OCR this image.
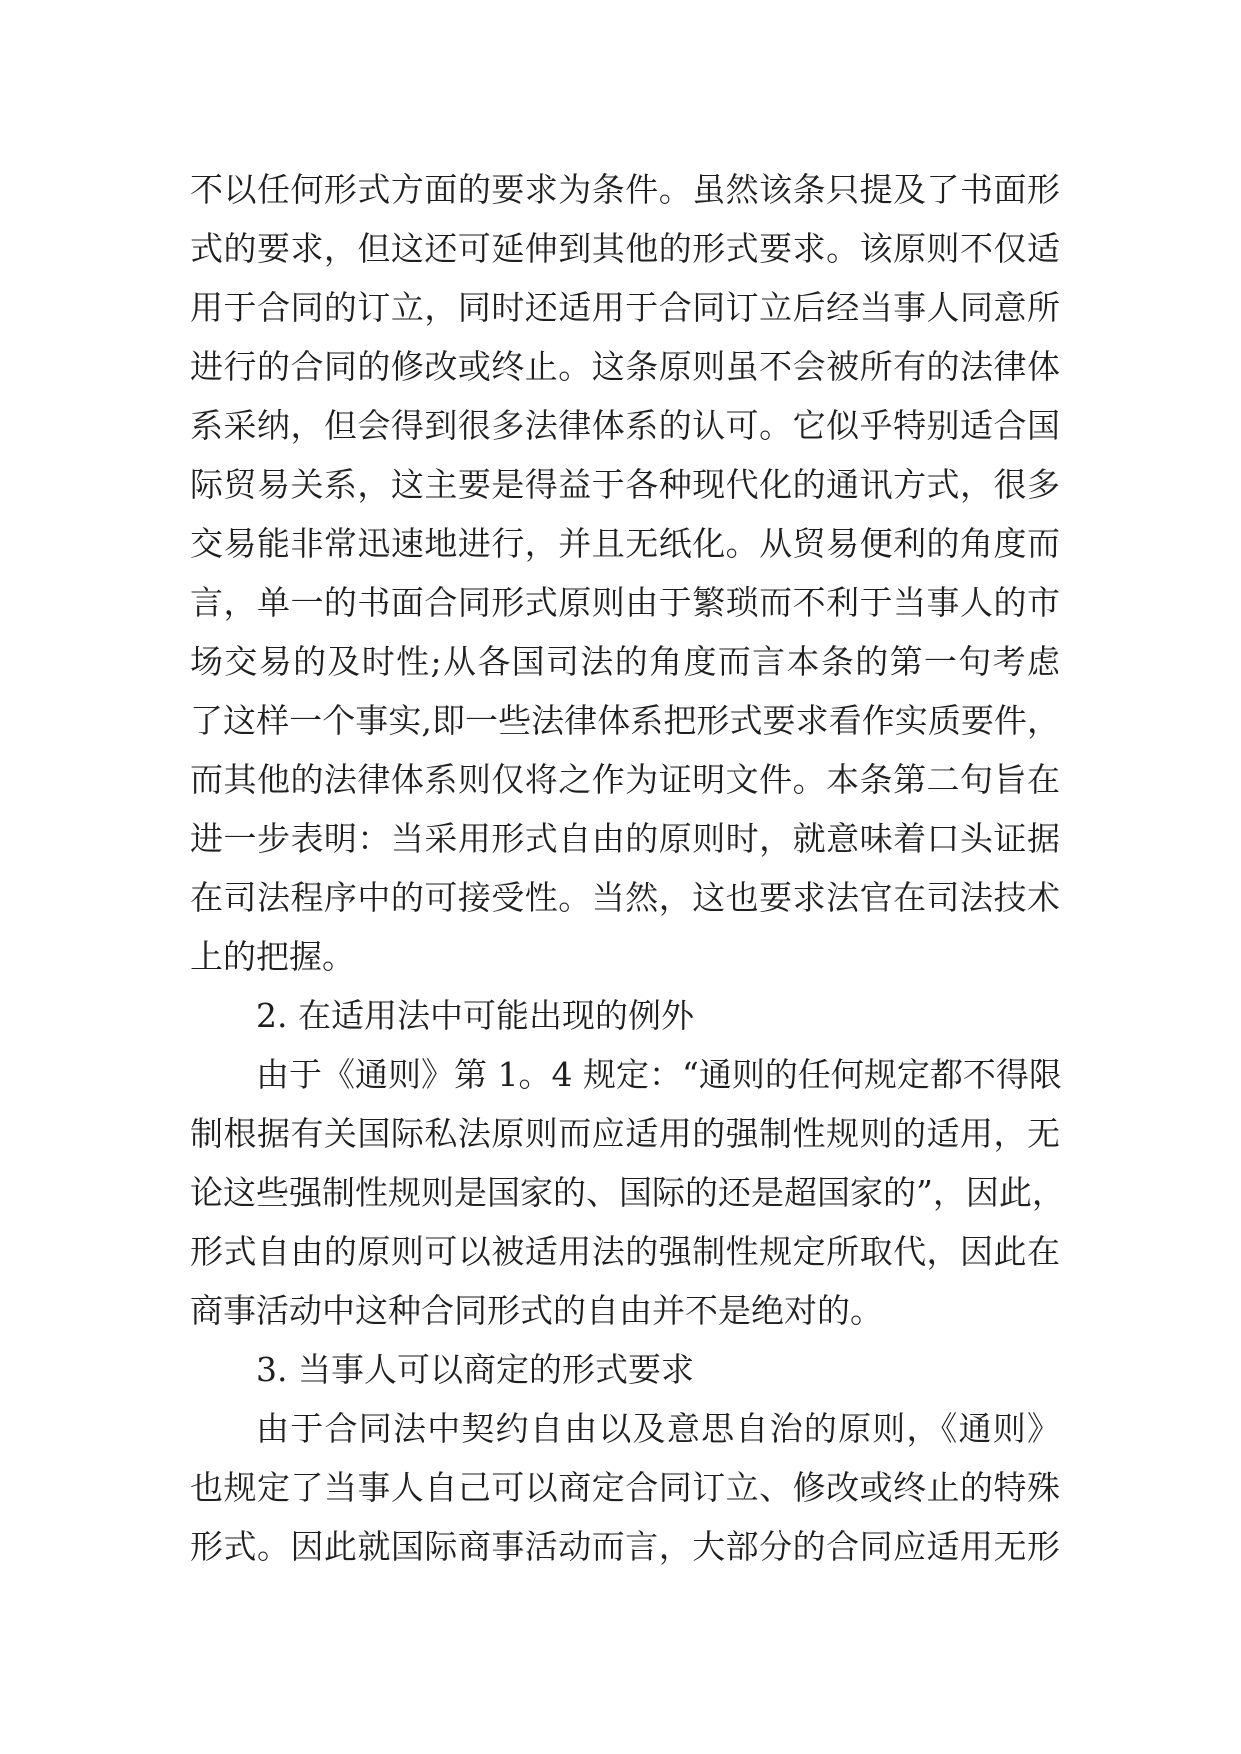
不以任何形式方面的要求为条件。虽然该条只提及了书面形
式的要求，但这还可延伸到其他的形式要求。该原则不仅适
用于合同的订立，同时还适用于合同订立后经当事人同意所
进行的合同的修改或终止。这条原则虽不会被所有的法律体
系采纳，但会得到很多法律体系的认可。它似乎特别适合国
际贸易关系，这主要是得益于各种现代化的通讯方式，很多
交易能非常迅速地进行，并且无纸化。从贸易便利的角度而
言，单一的书面合同形式原则由于繁琐而不利于当事人的市
场交易的及时性;从各国司法的角度而言本条的第一句考虑
了这样一个事实,即一些法律体系把形式要求看作实质要件，
而其他的法律体系则仅将之作为证明文件。本条第二句旨在
进一步表明：当采用形式自由的原则时，就意味着口头证据
在司法程序中的可接受性。当然，这也要求法官在司法技术
上的把握。
2. 在适用法中可能出现的例外
由于《通则》第 1。4 规定：“通则的任何规定都不得限
制根据有关国际私法原则而应适用的强制性规则的适用，无
论这些强制性规则是国家的、国际的还是超国家的”，因此，
形式自由的原则可以被适用法的强制性规定所取代，因此在
商事活动中这种合同形式的自由并不是绝对的。
3. 当事人可以商定的形式要求
由于合同法中契约自由以及意思自治的原则，《通则》
也规定了当事人自己可以商定合同订立、修改或终止的特殊
形式。因此就国际商事活动而言，大部分的合同应适用无形
